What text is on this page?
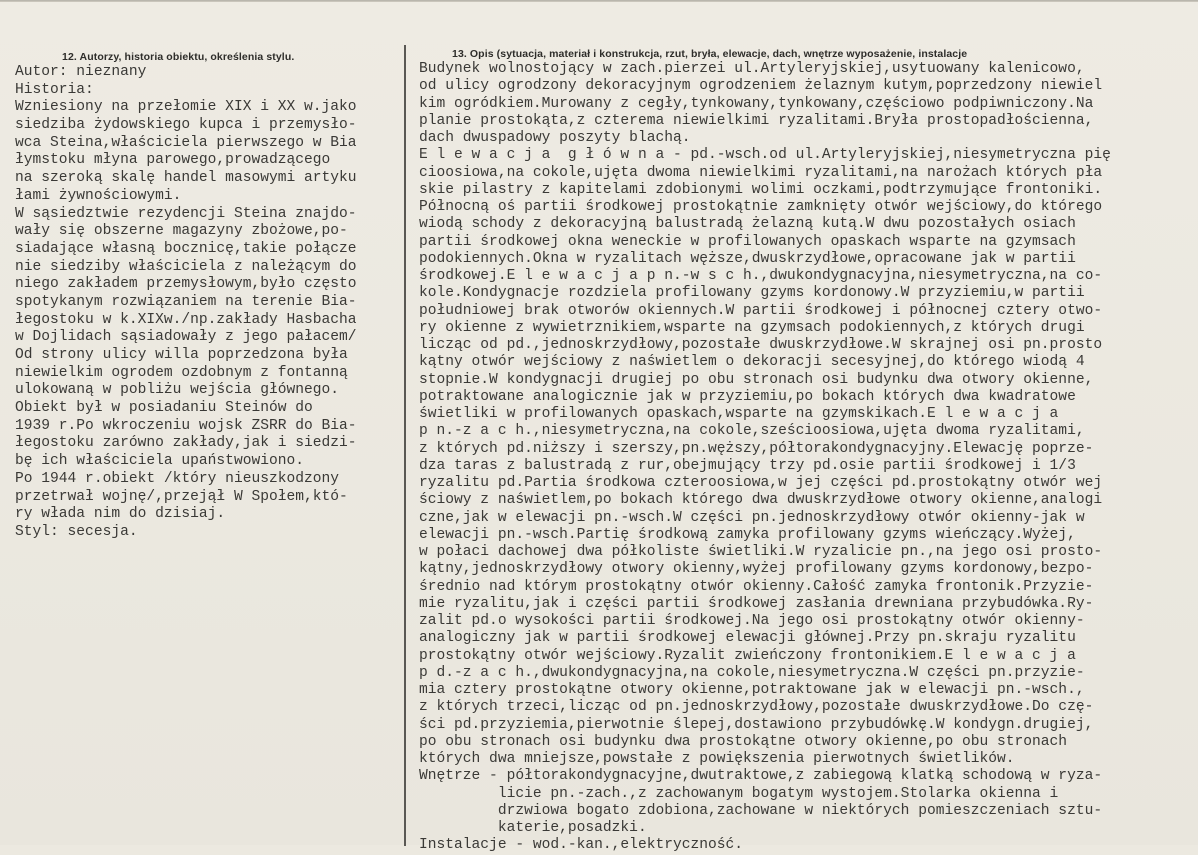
12. Autorzy, historia obiektu, określenia stylu.	13. Opis (sytuacja, materiał i konstrukcja, rzut, bryła, elewacje, dach, wnętrze wyposażenie, instalacje
Autor: nieznany
Historia:
Wzniesiony na przełomie XIX i XX w.jako
siedziba żydowskiego kupca i przemysło-
wca Steina,właściciela pierwszego w Bia
łymstoku młyna parowego,prowadzącego
na szeroką skalę handel masowymi artyku
łami żywnościowymi.
W sąsiedztwie rezydencji Steina znajdo-
wały się obszerne magazyny zbożowe,po-
siadające własną bocznicę,takie połącze
nie siedziby właściciela z należącym do
niego zakładem przemysłowym,było często
spotykanym rozwiązaniem na terenie Bia-
łegostoku w k.XIXw./np.zakłady Hasbacha
w Dojlidach sąsiadowały z jego pałacem/
Od strony ulicy willa poprzedzona była
niewielkim ogrodem ozdobnym z fontanną
ulokowaną w pobliżu wejścia głównego.
Obiekt był w posiadaniu Steinów do
1939 r.Po wkroczeniu wojsk ZSRR do Bia-
łegostoku zarówno zakłady,jak i siedzi-
bę ich właściciela upaństwowiono.
Po 1944 r.obiekt /który nieuszkodzony
przetrwał wojnę/,przejął W Społem,któ-
ry włada nim do dzisiaj.
Styl: secesja.
Budynek wolnostojący w zach.pierzei ul.Artyleryjskiej,usytuowany kalenicowo,
od ulicy ogrodzony dekoracyjnym ogrodzeniem żelaznym kutym,poprzedzony niewiel
kim ogródkiem.Murowany z cegły,tynkowany,tynkowany,częściowo podpiwniczony.Na
planie prostokąta,z czterema niewielkimi ryzalitami.Bryła prostopadłościenna,
dach dwuspadowy poszyty blachą.
E l e w a c j a  g ł ó w n a - pd.-wsch.od ul.Artyleryjskiej,niesymetryczna pię
cioosiowa,na cokole,ujęta dwoma niewielkimi ryzalitami,na narożach których pła
skie pilastry z kapitelami zdobionymi wolimi oczkami,podtrzymujące frontoniki.
Północną oś partii środkowej prostokątnie zamknięty otwór wejściowy,do którego
wiodą schody z dekoracyjną balustradą żelazną kutą.W dwu pozostałych osiach
partii środkowej okna weneckie w profilowanych opaskach wsparte na gzymsach
podokiennych.Okna w ryzalitach węższe,dwuskrzydłowe,opracowane jak w partii
środkowej.E l e w a c j a p n.-w s c h.,dwukondygnacyjna,niesymetryczna,na co-
kole.Kondygnacje rozdziela profilowany gzyms kordonowy.W przyziemiu,w partii
południowej brak otworów okiennych.W partii środkowej i północnej cztery otwo-
ry okienne z wywietrznikiem,wsparte na gzymsach podokiennych,z których drugi
licząc od pd.,jednoskrzydłowy,pozostałe dwuskrzydłowe.W skrajnej osi pn.prosto
kątny otwór wejściowy z naświetlem o dekoracji secesyjnej,do którego wiodą 4
stopnie.W kondygnacji drugiej po obu stronach osi budynku dwa otwory okienne,
potraktowane analogicznie jak w przyziemiu,po bokach których dwa kwadratowe
świetliki w profilowanych opaskach,wsparte na gzymskikach.E l e w a c j a
p n.-z a c h.,niesymetryczna,na cokole,sześcioosiowa,ujęta dwoma ryzalitami,
z których pd.niższy i szerszy,pn.węższy,półtorakondygnacyjny.Elewację poprze-
dza taras z balustradą z rur,obejmujący trzy pd.osie partii środkowej i 1/3
ryzalitu pd.Partia środkowa czteroosiowa,w jej części pd.prostokątny otwór wej
ściowy z naświetlem,po bokach którego dwa dwuskrzydłowe otwory okienne,analogi
czne,jak w elewacji pn.-wsch.W części pn.jednoskrzydłowy otwór okienny-jak w
elewacji pn.-wsch.Partię środkową zamyka profilowany gzyms wieńczący.Wyżej,
w połaci dachowej dwa półkoliste świetliki.W ryzalicie pn.,na jego osi prosto-
kątny,jednoskrzydłowy otwory okienny,wyżej profilowany gzyms kordonowy,bezpo-
średnio nad którym prostokątny otwór okienny.Całość zamyka frontonik.Przyzie-
mie ryzalitu,jak i części partii środkowej zasłania drewniana przybudówka.Ry-
zalit pd.o wysokości partii środkowej.Na jego osi prostokątny otwór okienny-
analogiczny jak w partii środkowej elewacji głównej.Przy pn.skraju ryzalitu
prostokątny otwór wejściowy.Ryzalit zwieńczony frontonikiem.E l e w a c j a
p d.-z a c h.,dwukondygnacyjna,na cokole,niesymetryczna.W części pn.przyzie-
mia cztery prostokątne otwory okienne,potraktowane jak w elewacji pn.-wsch.,
z których trzeci,licząc od pn.jednoskrzydłowy,pozostałe dwuskrzydłowe.Do czę-
ści pd.przyziemia,pierwotnie ślepej,dostawiono przybudówkę.W kondygn.drugiej,
po obu stronach osi budynku dwa prostokątne otwory okienne,po obu stronach
których dwa mniejsze,powstałe z powiększenia pierwotnych świetlików.
Wnętrze - półtorakondygnacyjne,dwutraktowe,z zabiegową klatką schodową w ryza-
licie pn.-zach.,z zachowanym bogatym wystojem.Stolarka okienna i
drzwiowa bogato zdobiona,zachowane w niektórych pomieszczeniach sztu-
katerie,posadzki.
Instalacje - wod.-kan.,elektryczność.
